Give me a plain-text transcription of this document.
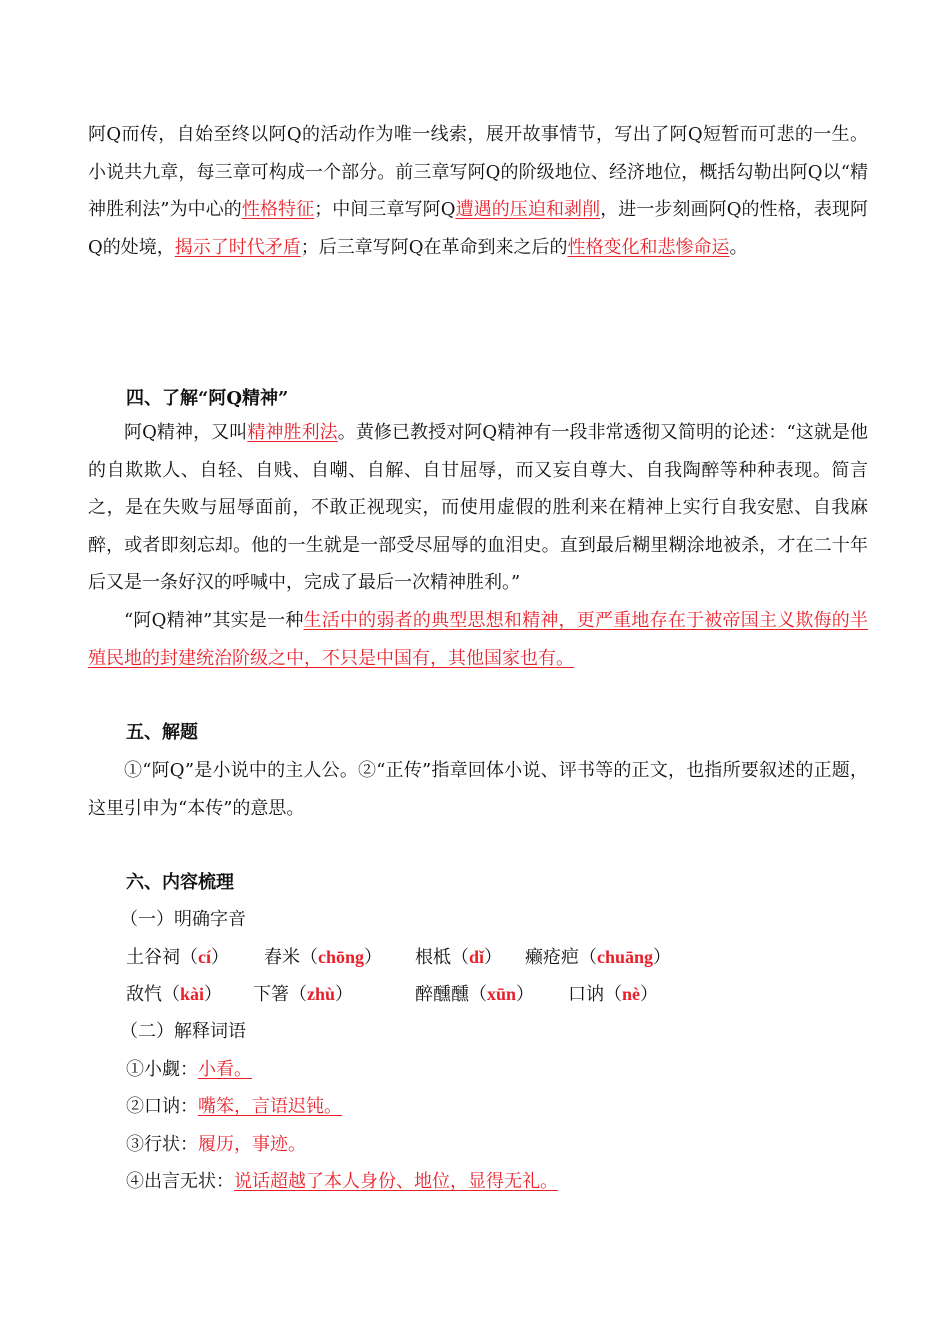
阿Q而传，自始至终以阿Q的活动作为唯一线索，展开故事情节，写出了阿Q短暂而可悲的一生。小说共九章，每三章可构成一个部分。前三章写阿Q的阶级地位、经济地位，概括勾勒出阿Q以“精神胜利法”为中心的性格特征；中间三章写阿Q遭遇的压迫和剥削，进一步刻画阿Q的性格，表现阿Q的处境，揭示了时代矛盾；后三章写阿Q在革命到来之后的性格变化和悲惨命运。

四、了解“阿Q精神”

阿Q精神，又叫精神胜利法。黄修已教授对阿Q精神有一段非常透彻又简明的论述：“这就是他的自欺欺人、自轻、自贱、自嘲、自解、自甘屈辱，而又妄自尊大、自我陶醉等种种表现。简言之，是在失败与屈辱面前，不敢正视现实，而使用虚假的胜利来在精神上实行自我安慰、自我麻醉，或者即刻忘却。他的一生就是一部受尽屈辱的血泪史。直到最后糊里糊涂地被杀，才在二十年后又是一条好汉的呼喊中，完成了最后一次精神胜利。”

“阿Q精神”其实是一种生活中的弱者的典型思想和精神，更严重地存在于被帝国主义欺侮的半殖民地的封建统治阶级之中，不只是中国有，其他国家也有。

五、解题

①“阿Q”是小说中的主人公。②“正传”指章回体小说、评书等的正文，也指所要叙述的正题，这里引申为“本传”的意思。

六、内容梳理

（一）明确字音

土谷祠（cí） 舂米（chōng） 根柢（dǐ） 癞疮疤（chuāng）

敌忾（kài） 下箸（zhù）	醉醺醺（xūn） 口讷（nè）

（二）解释词语

①小觑：小看。

②口讷：嘴笨，言语迟钝。

③行状：履历，事迹。

④出言无状：说话超越了本人身份、地位，显得无礼。
